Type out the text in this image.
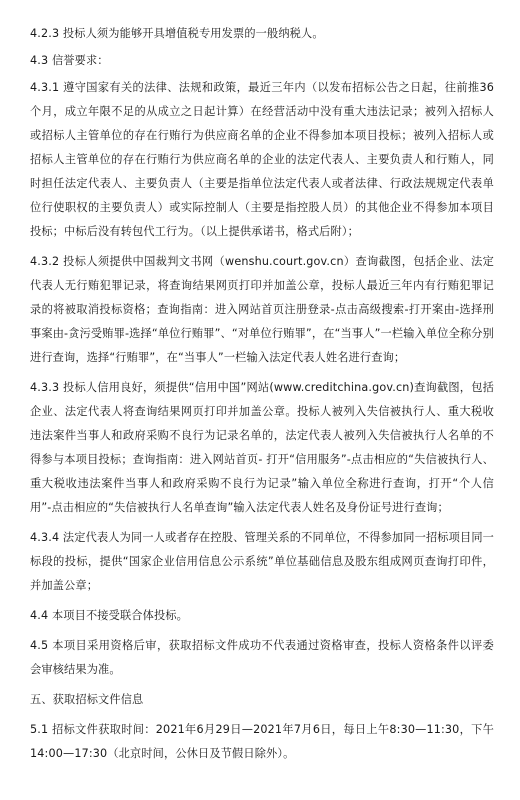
4.2.3 投标人须为能够开具增值税专用发票的一般纳税人。

4.3 信誉要求：

4.3.1 遵守国家有关的法律、法规和政策，最近三年内（以发布招标公告之日起，往前推36个月，成立年限不足的从成立之日起计算）在经营活动中没有重大违法记录；被列入招标人或招标人主管单位的存在行贿行为供应商名单的企业不得参加本项目投标；被列入招标人或招标人主管单位的存在行贿行为供应商名单的企业的法定代表人、主要负责人和行贿人，同时担任法定代表人、主要负责人（主要是指单位法定代表人或者法律、行政法规规定代表单位行使职权的主要负责人）或实际控制人（主要是指控股人员）的其他企业不得参加本项目投标；中标后没有转包代工行为。（以上提供承诺书，格式后附）；

4.3.2 投标人须提供中国裁判文书网（wenshu.court.gov.cn）查询截图，包括企业、法定代表人无行贿犯罪记录，将查询结果网页打印并加盖公章，投标人最近三年内有行贿犯罪记录的将被取消投标资格；查询指南：进入网站首页注册登录-点击高级搜索-打开案由-选择刑事案由-贪污受贿罪-选择“单位行贿罪”、“对单位行贿罪”，在“当事人”一栏输入单位全称分别进行查询，选择“行贿罪”，在“当事人”一栏输入法定代表人姓名进行查询；

4.3.3 投标人信用良好，须提供“信用中国”网站(www.creditchina.gov.cn)查询截图，包括企业、法定代表人将查询结果网页打印并加盖公章。投标人被列入失信被执行人、重大税收违法案件当事人和政府采购不良行为记录名单的，法定代表人被列入失信被执行人名单的不得参与本项目投标；查询指南：进入网站首页- 打开“信用服务”-点击相应的“失信被执行人、重大税收违法案件当事人和政府采购不良行为记录”输入单位全称进行查询，打开“个人信用”-点击相应的“失信被执行人名单查询”输入法定代表人姓名及身份证号进行查询；

4.3.4 法定代表人为同一人或者存在控股、管理关系的不同单位，不得参加同一招标项目同一标段的投标，提供“国家企业信用信息公示系统”单位基础信息及股东组成网页查询打印件，并加盖公章；

4.4 本项目不接受联合体投标。

4.5 本项目采用资格后审，获取招标文件成功不代表通过资格审查，投标人资格条件以评委会审核结果为准。

五、获取招标文件信息

5.1 招标文件获取时间：2021年6月29日—2021年7月6日，每日上午8:30—11:30，下午14:00—17:30（北京时间，公休日及节假日除外）。
